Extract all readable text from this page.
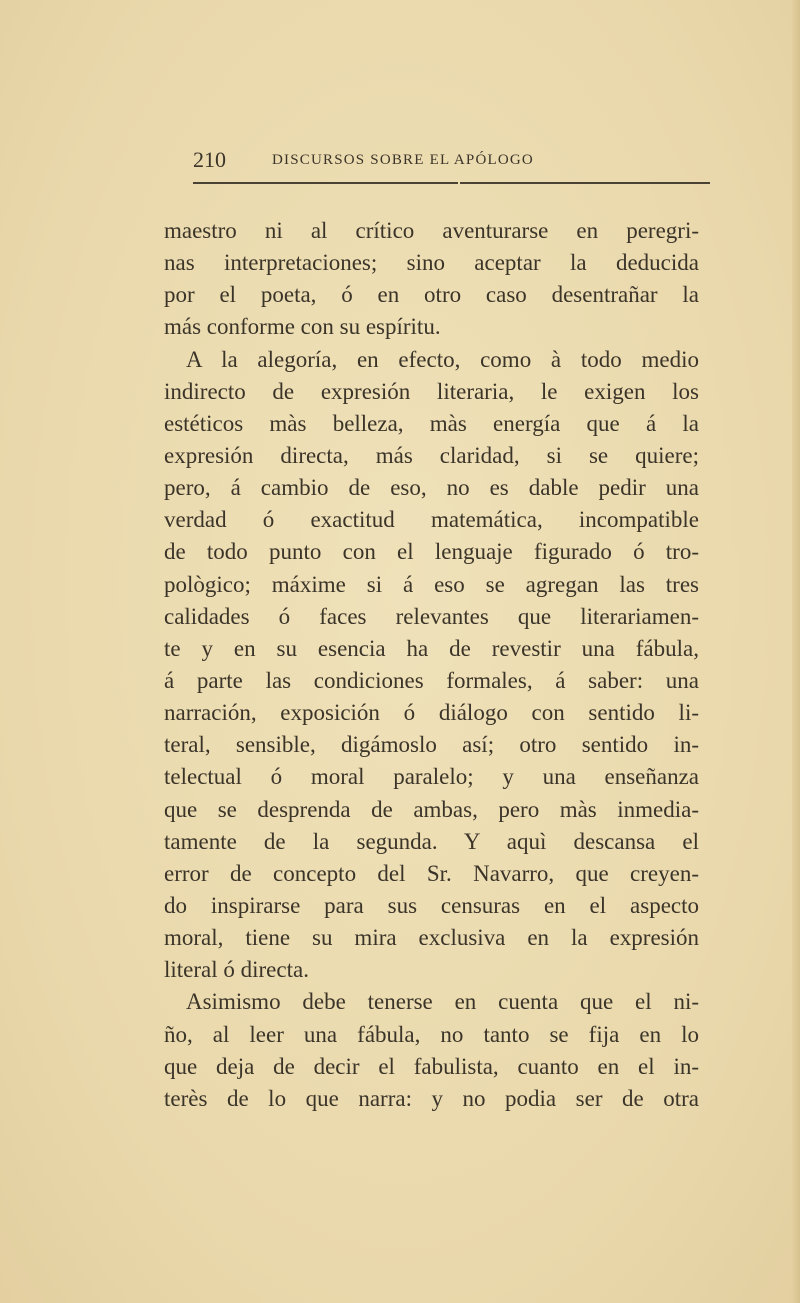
210	DISCURSOS SOBRE EL APÓLOGO
maestro ni al crítico aventurarse en peregri-
nas interpretaciones; sino aceptar la deducida
por el poeta, ó en otro caso desentrañar la
más conforme con su espíritu.
A la alegoría, en efecto, como à todo medio
indirecto de expresión literaria, le exigen los
estéticos màs belleza, màs energía que á la
expresión directa, más claridad, si se quiere;
pero, á cambio de eso, no es dable pedir una
verdad ó exactitud matemática, incompatible
de todo punto con el lenguaje figurado ó tro-
pològico; máxime si á eso se agregan las tres
calidades ó faces relevantes que literariamen-
te y en su esencia ha de revestir una fábula,
á parte las condiciones formales, á saber: una
narración, exposición ó diálogo con sentido li-
teral, sensible, digámoslo así; otro sentido in-
telectual ó moral paralelo; y una enseñanza
que se desprenda de ambas, pero màs inmedia-
tamente de la segunda. Y aquì descansa el
error de concepto del Sr. Navarro, que creyen-
do inspirarse para sus censuras en el aspecto
moral, tiene su mira exclusiva en la expresión
literal ó directa.
Asimismo debe tenerse en cuenta que el ni-
ño, al leer una fábula, no tanto se fija en lo
que deja de decir el fabulista, cuanto en el in-
terès de lo que narra: y no podia ser de otra
